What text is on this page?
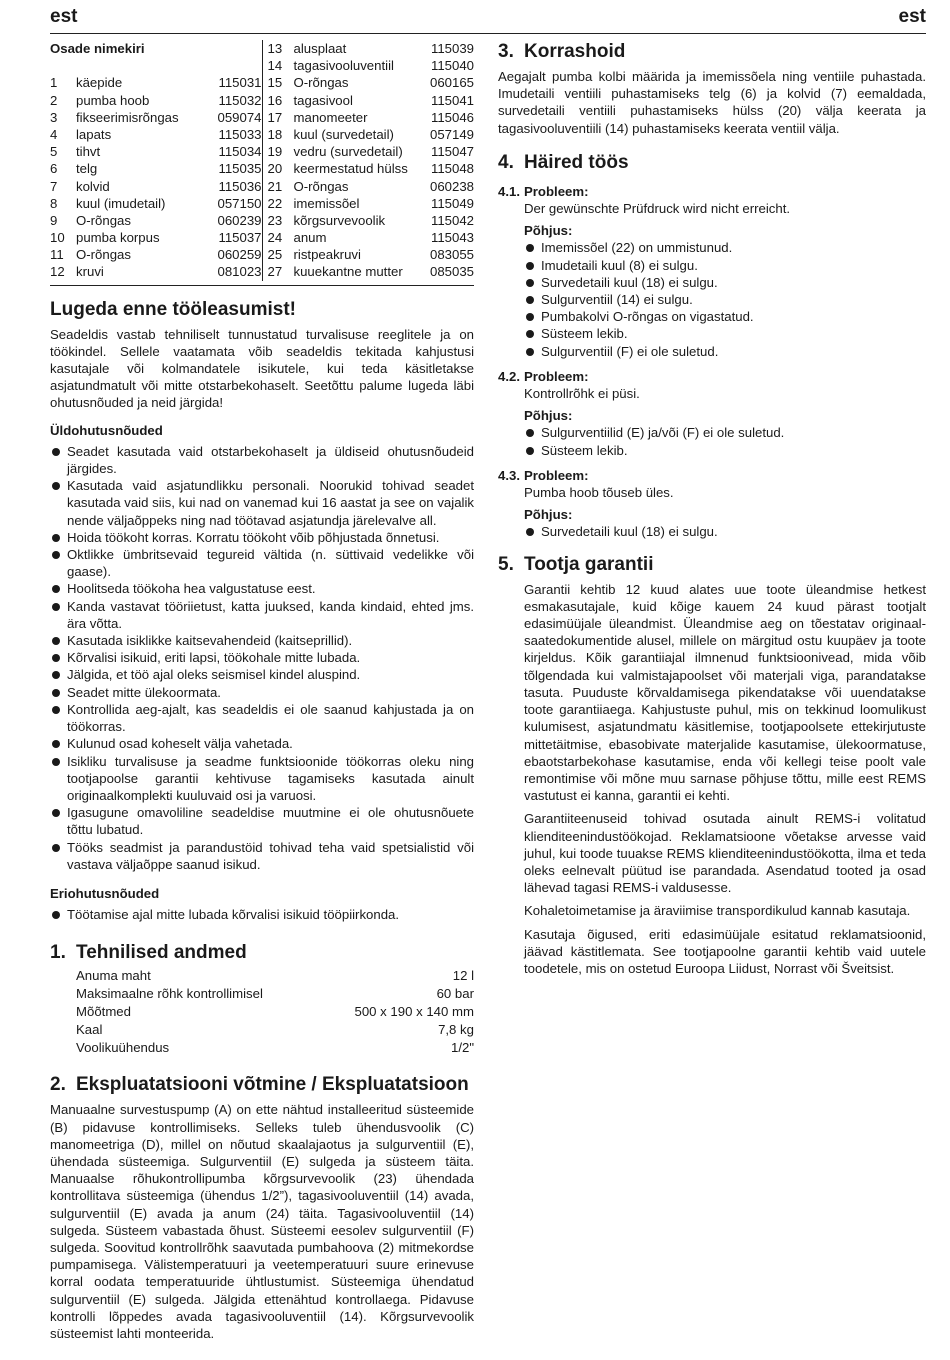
est	est
Osade nimekiri
1	käepide	115031
2	pumba hoob	115032
3	fikseerimisrõngas	059074
4	lapats	115033
5	tihvt	115034
6	telg	115035
7	kolvid	115036
8	kuul (imudetail)	057150
9	O-rõngas	060239
10 pumba korpus	115037
11 O-rõngas	060259
12 kruvi	081023
13 alusplaat	115039
14 tagasivooluventiil	115040
15 O-rõngas	060165
16 tagasivool	115041
17 manomeeter	115046
18 kuul (survedetail)	057149
19 vedru (survedetail)	115047
20 keermestatud hülss	115048
21 O-rõngas	060238
22 imemissõel	115049
23 kõrgsurvevoolik	115042
24 anum	115043
25 ristpeakruvi	083055
27 kuuekantne mutter	085035
Lugeda enne tööleasumist!

Seadeldis vastab tehniliselt tunnustatud turvalisuse reeglitele ja on töökindel. Sellele vaatamata võib seadeldis tekitada kahjustusi kasutajale või kolmandatele isikutele, kui teda käsitletakse asjatundmatult või mitte otstarbekohaselt. Seetõttu palume lugeda läbi ohutusnõuded ja neid järgida!

Üldohutusnõuded
Seadet kasutada vaid otstarbekohaselt ja üldiseid ohutusnõudeid järgides.
Kasutada vaid asjatundlikku personali. Noorukid tohivad seadet kasutada vaid siis, kui nad on vanemad kui 16 aastat ja see on vajalik nende väljaõppeks ning nad töötavad asjatundja järelevalve all.
Hoida töökoht korras. Korratu töökoht võib põhjustada õnnetusi.
Oktlikke ümbritsevaid tegureid vältida (n. süttivaid vedelikke või gaase).
Hoolitseda töökoha hea valgustatuse eest.
Kanda vastavat tööriietust, katta juuksed, kanda kindaid, ehted jms. ära võtta.
Kasutada isiklikke kaitsevahendeid (kaitseprillid).
Kõrvalisi isikuid, eriti lapsi, töökohale mitte lubada.
Jälgida, et töö ajal oleks seismisel kindel aluspind.
Seadet mitte ülekoormata.
Kontrollida aeg-ajalt, kas seadeldis ei ole saanud kahjustada ja on töökorras.
Kulunud osad koheselt välja vahetada.
Isikliku turvalisuse ja seadme funktsioonide töökorras oleku ning tootjapoolse garantii kehtivuse tagamiseks kasutada ainult originaalkomplekti kuuluvaid osi ja varuosi.
Igasugune omavoliline seadeldise muutmine ei ole ohutusnõuete tõttu lubatud.
Tööks seadmist ja parandustöid tohivad teha vaid spetsialistid või vastava väljaõppe saanud isikud.
Eriohutusnõuded
Töötamise ajal mitte lubada kõrvalisi isikuid tööpiirkonda.
1. Tehnilised andmed
Anuma maht	12 l
Maksimaalne rõhk kontrollimisel	60 bar
Mõõtmed	500 x 190 x 140 mm
Kaal	7,8 kg
Voolikuühendus	1/2"
2. Ekspluatatsiooni võtmine / Ekspluatatsioon

Manuaalne survestuspump (A) on ette nähtud installeeritud süsteemide (B) pidavuse kontrollimiseks. Selleks tuleb ühendusvoolik (C) manomeetriga (D), millel on nõutud skaalajaotus ja sulgurventiil (E), ühendada süsteemiga. Sulgurventiil (E) sulgeda ja süsteem täita. Manuaalse rõhukontrollipumba kõrgsurvevoolik (23) ühendada kontrollitava süsteemiga (ühendus 1/2”), tagasivooluventiil (14) avada, sulgurventiil (E) avada ja anum (24) täita. Tagasivooluventiil (14) sulgeda. Süsteem vabastada õhust. Süsteemi eesolev sulgurventiil (F) sulgeda. Soovitud kontrollrõhk saavutada pumbahoova (2) mitmekordse pumpamisega. Välistemperatuuri ja veetemperatuuri suure erinevuse korral oodata temperatuuride ühtlustumist. Süsteemiga ühendatud sulgurventiil (E) sulgeda. Jälgida ettenähtud kontrollaega. Pidavuse kontrolli lõppedes avada tagasivooluventiil (14). Kõrgsurvevoolik süsteemist lahti monteerida.

3. Korrashoid

Aegajalt pumba kolbi määrida ja imemissõela ning ventiile puhastada. Imudetaili ventiili puhastamiseks telg (6) ja kolvid (7) eemaldada, survedetaili ventiili puhastamiseks hülss (20) välja keerata ja tagasivooluventiili (14) puhastamiseks keerata ventiil välja.

4. Häired töös
4.1. Probleem:
Der gewünschte Prüfdruck wird nicht erreicht.
Põhjus:
Imemissõel (22) on ummistunud.
Imudetaili kuul (8) ei sulgu.
Survedetaili kuul (18) ei sulgu.
Sulgurventiil (14) ei sulgu.
Pumbakolvi O-rõngas on vigastatud.
Süsteem lekib.
Sulgurventiil (F) ei ole suletud.
4.2. Probleem:
Kontrollrõhk ei püsi.
Põhjus:
Sulgurventiilid (E) ja/või (F) ei ole suletud.
Süsteem lekib.
4.3. Probleem:
Pumba hoob tõuseb üles.
Põhjus:
Survedetaili kuul (18) ei sulgu.
5. Tootja garantii

Garantii kehtib 12 kuud alates uue toote üleandmise hetkest esmakasutajale, kuid kõige kauem 24 kuud pärast tootjalt edasimüüjale üleandmist. Üleandmise aeg on tõestatav originaal-saatedokumentide alusel, millele on märgitud ostu kuupäev ja toote kirjeldus. Kõik garantiiajal ilmnenud funktsioonivead, mida võib tõlgendada kui valmistajapoolset või materjali viga, parandatakse tasuta. Puuduste kõrvaldamisega pikendatakse või uuendatakse toote garantiiaega. Kahjustuste puhul, mis on tekkinud loomulikust kulumisest, asjatundmatu käsitlemise, tootjapoolsete ettekirjutuste mittetäitmise, ebasobivate materjalide kasutamise, ülekoormatuse, ebaotstarbekohase kasutamise, enda või kellegi teise poolt vale remontimise või mõne muu sarnase põhjuse tõttu, mille eest REMS vastutust ei kanna, garantii ei kehti.

Garantiiteenuseid tohivad osutada ainult REMS-i volitatud klienditeenindustöökojad. Reklamatsioone võetakse arvesse vaid juhul, kui toode tuuakse REMS klienditeenindustöökotta, ilma et teda oleks eelnevalt püütud ise parandada. Asendatud tooted ja osad lähevad tagasi REMS-i valdusesse.

Kohaletoimetamise ja äraviimise transpordikulud kannab kasutaja.

Kasutaja õigused, eriti edasimüüjale esitatud reklamatsioonid, jäävad kästitlemata. See tootjapoolne garantii kehtib vaid uutele toodetele, mis on ostetud Euroopa Liidust, Norrast või Šveitsist.
